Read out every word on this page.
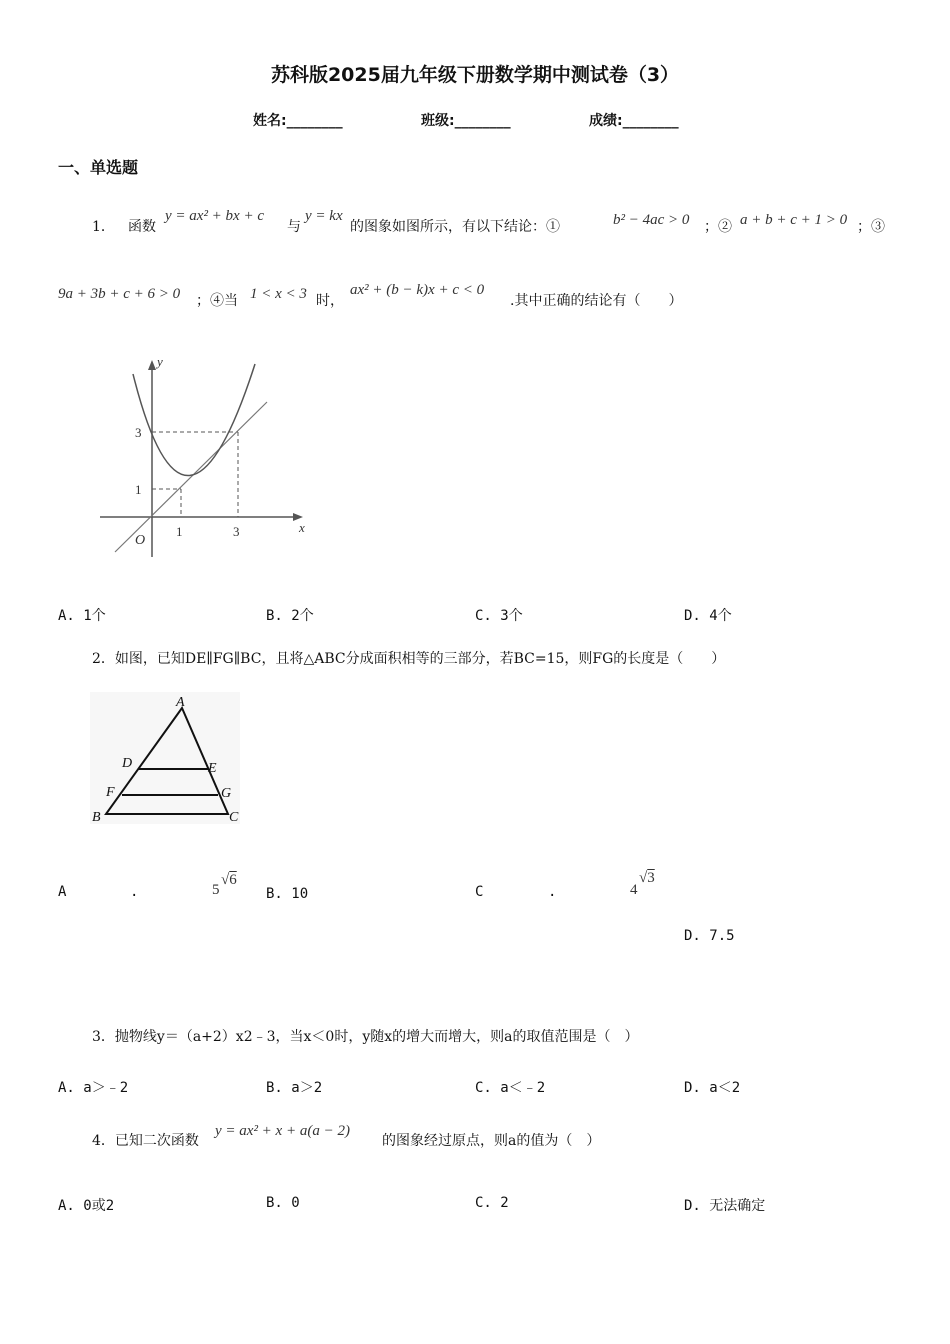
苏科版2025届九年级下册数学期中测试卷（3）
姓名:________	班级:________	成绩:________
一、单选题
1． 函数
y = ax² + bx + c
与
y = kx
的图象如图所示，有以下结论：①	b² − 4ac > 0 ；② a + b + c + 1 > 0 ；③
9a + 3b + c + 6 > 0 ；④当 1 < x < 3 时，
ax² + (b − k)x + c < 0
.其中正确的结论有（　　）
y
x
O
3
1
1	3
A. 1个	B. 2个	C. 3个	D. 4个
2．如图，已知DE∥FG∥BC，且将△ABC分成面积相等的三部分，若BC=15，则FG的长度是（　　）
A
D	E
F	G
B	C
A	.	5
√6
B. 10	C	.	4
√3
D. 7.5
3．抛物线y＝（a+2）x2﹣3，当x＜0时，y随x的增大而增大，则a的取值范围是（　）
A. a＞﹣2	B. a＞2	C. a＜﹣2	D. a＜2
4．已知二次函数
y = ax² + x + a(a − 2)
的图象经过原点，则a的值为（　）
A. 0或2	B. 0	C. 2	D. 无法确定
